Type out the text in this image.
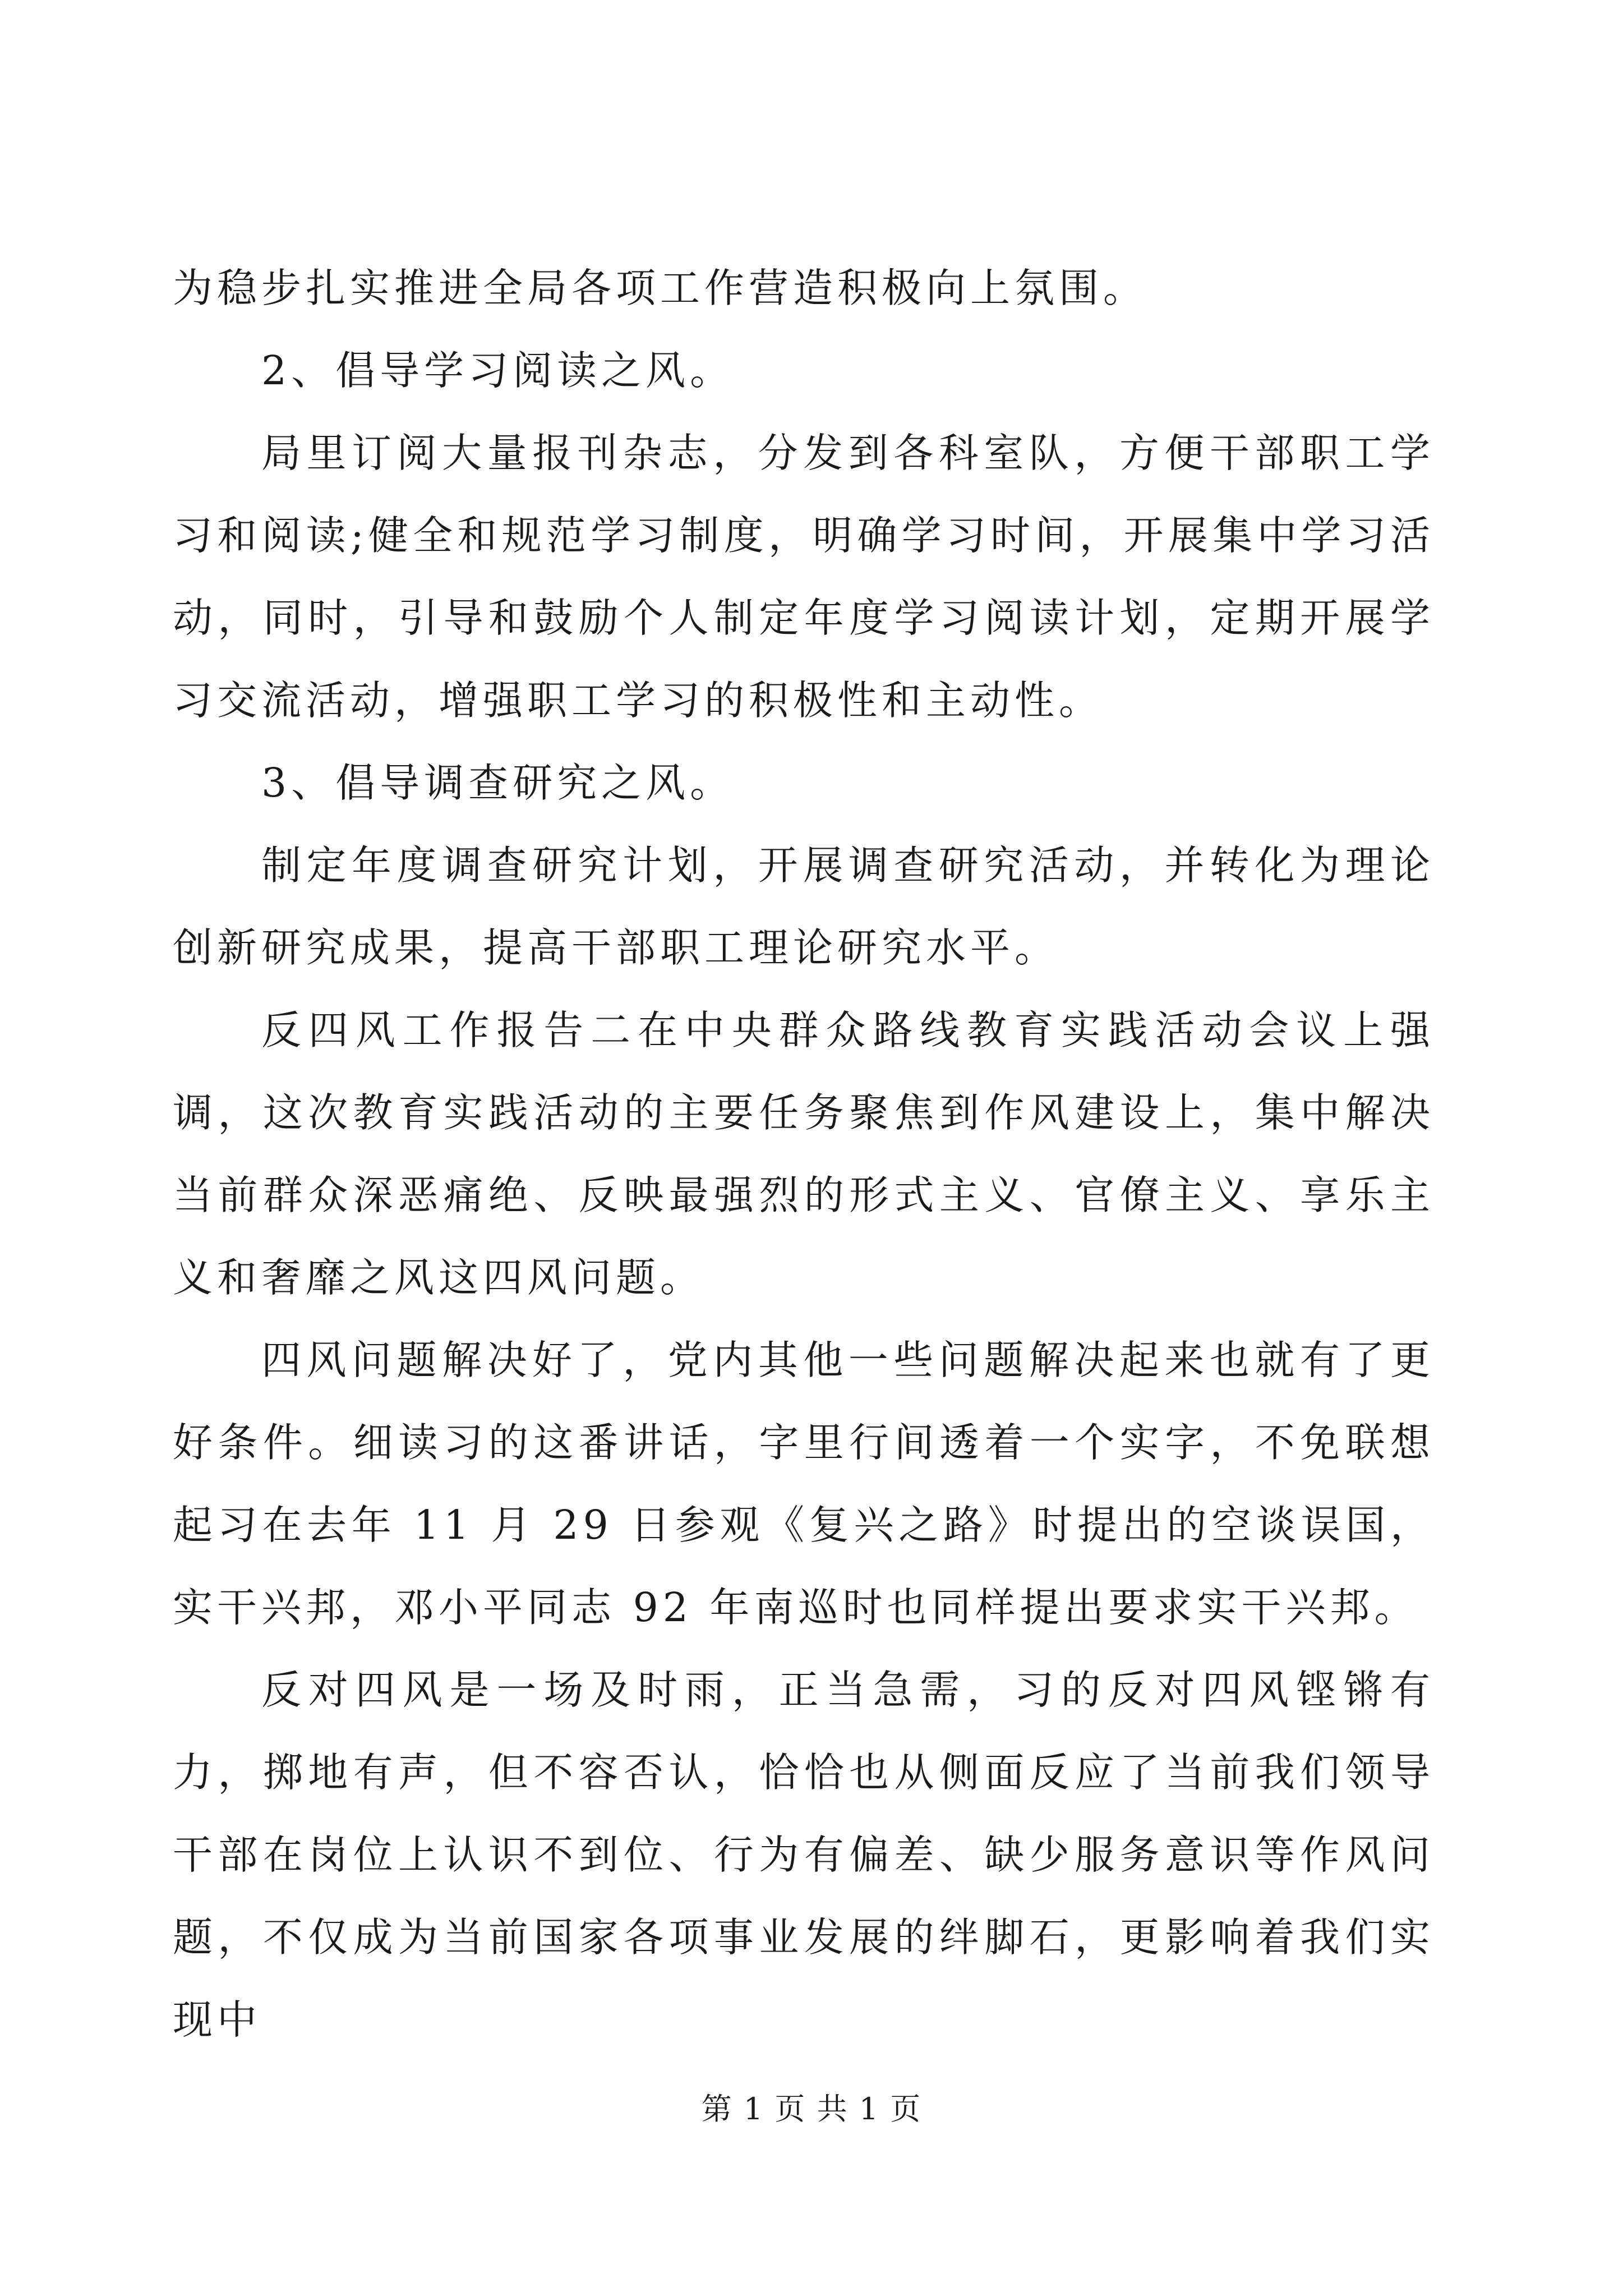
为稳步扎实推进全局各项工作营造积极向上氛围。

2、倡导学习阅读之风。

局里订阅大量报刊杂志，分发到各科室队，方便干部职工学习和阅读;健全和规范学习制度，明确学习时间，开展集中学习活动，同时，引导和鼓励个人制定年度学习阅读计划，定期开展学习交流活动，增强职工学习的积极性和主动性。

3、倡导调查研究之风。

制定年度调查研究计划，开展调查研究活动，并转化为理论创新研究成果，提高干部职工理论研究水平。

反四风工作报告二在中央群众路线教育实践活动会议上强调，这次教育实践活动的主要任务聚焦到作风建设上，集中解决当前群众深恶痛绝、反映最强烈的形式主义、官僚主义、享乐主义和奢靡之风这四风问题。

四风问题解决好了，党内其他一些问题解决起来也就有了更好条件。细读习的这番讲话，字里行间透着一个实字，不免联想起习在去年 11 月 29 日参观《复兴之路》时提出的空谈误国，实干兴邦，邓小平同志 92 年南巡时也同样提出要求实干兴邦。

反对四风是一场及时雨，正当急需，习的反对四风铿锵有力，掷地有声，但不容否认，恰恰也从侧面反应了当前我们领导干部在岗位上认识不到位、行为有偏差、缺少服务意识等作风问题，不仅成为当前国家各项事业发展的绊脚石，更影响着我们实现中

第 1 页 共 1 页
